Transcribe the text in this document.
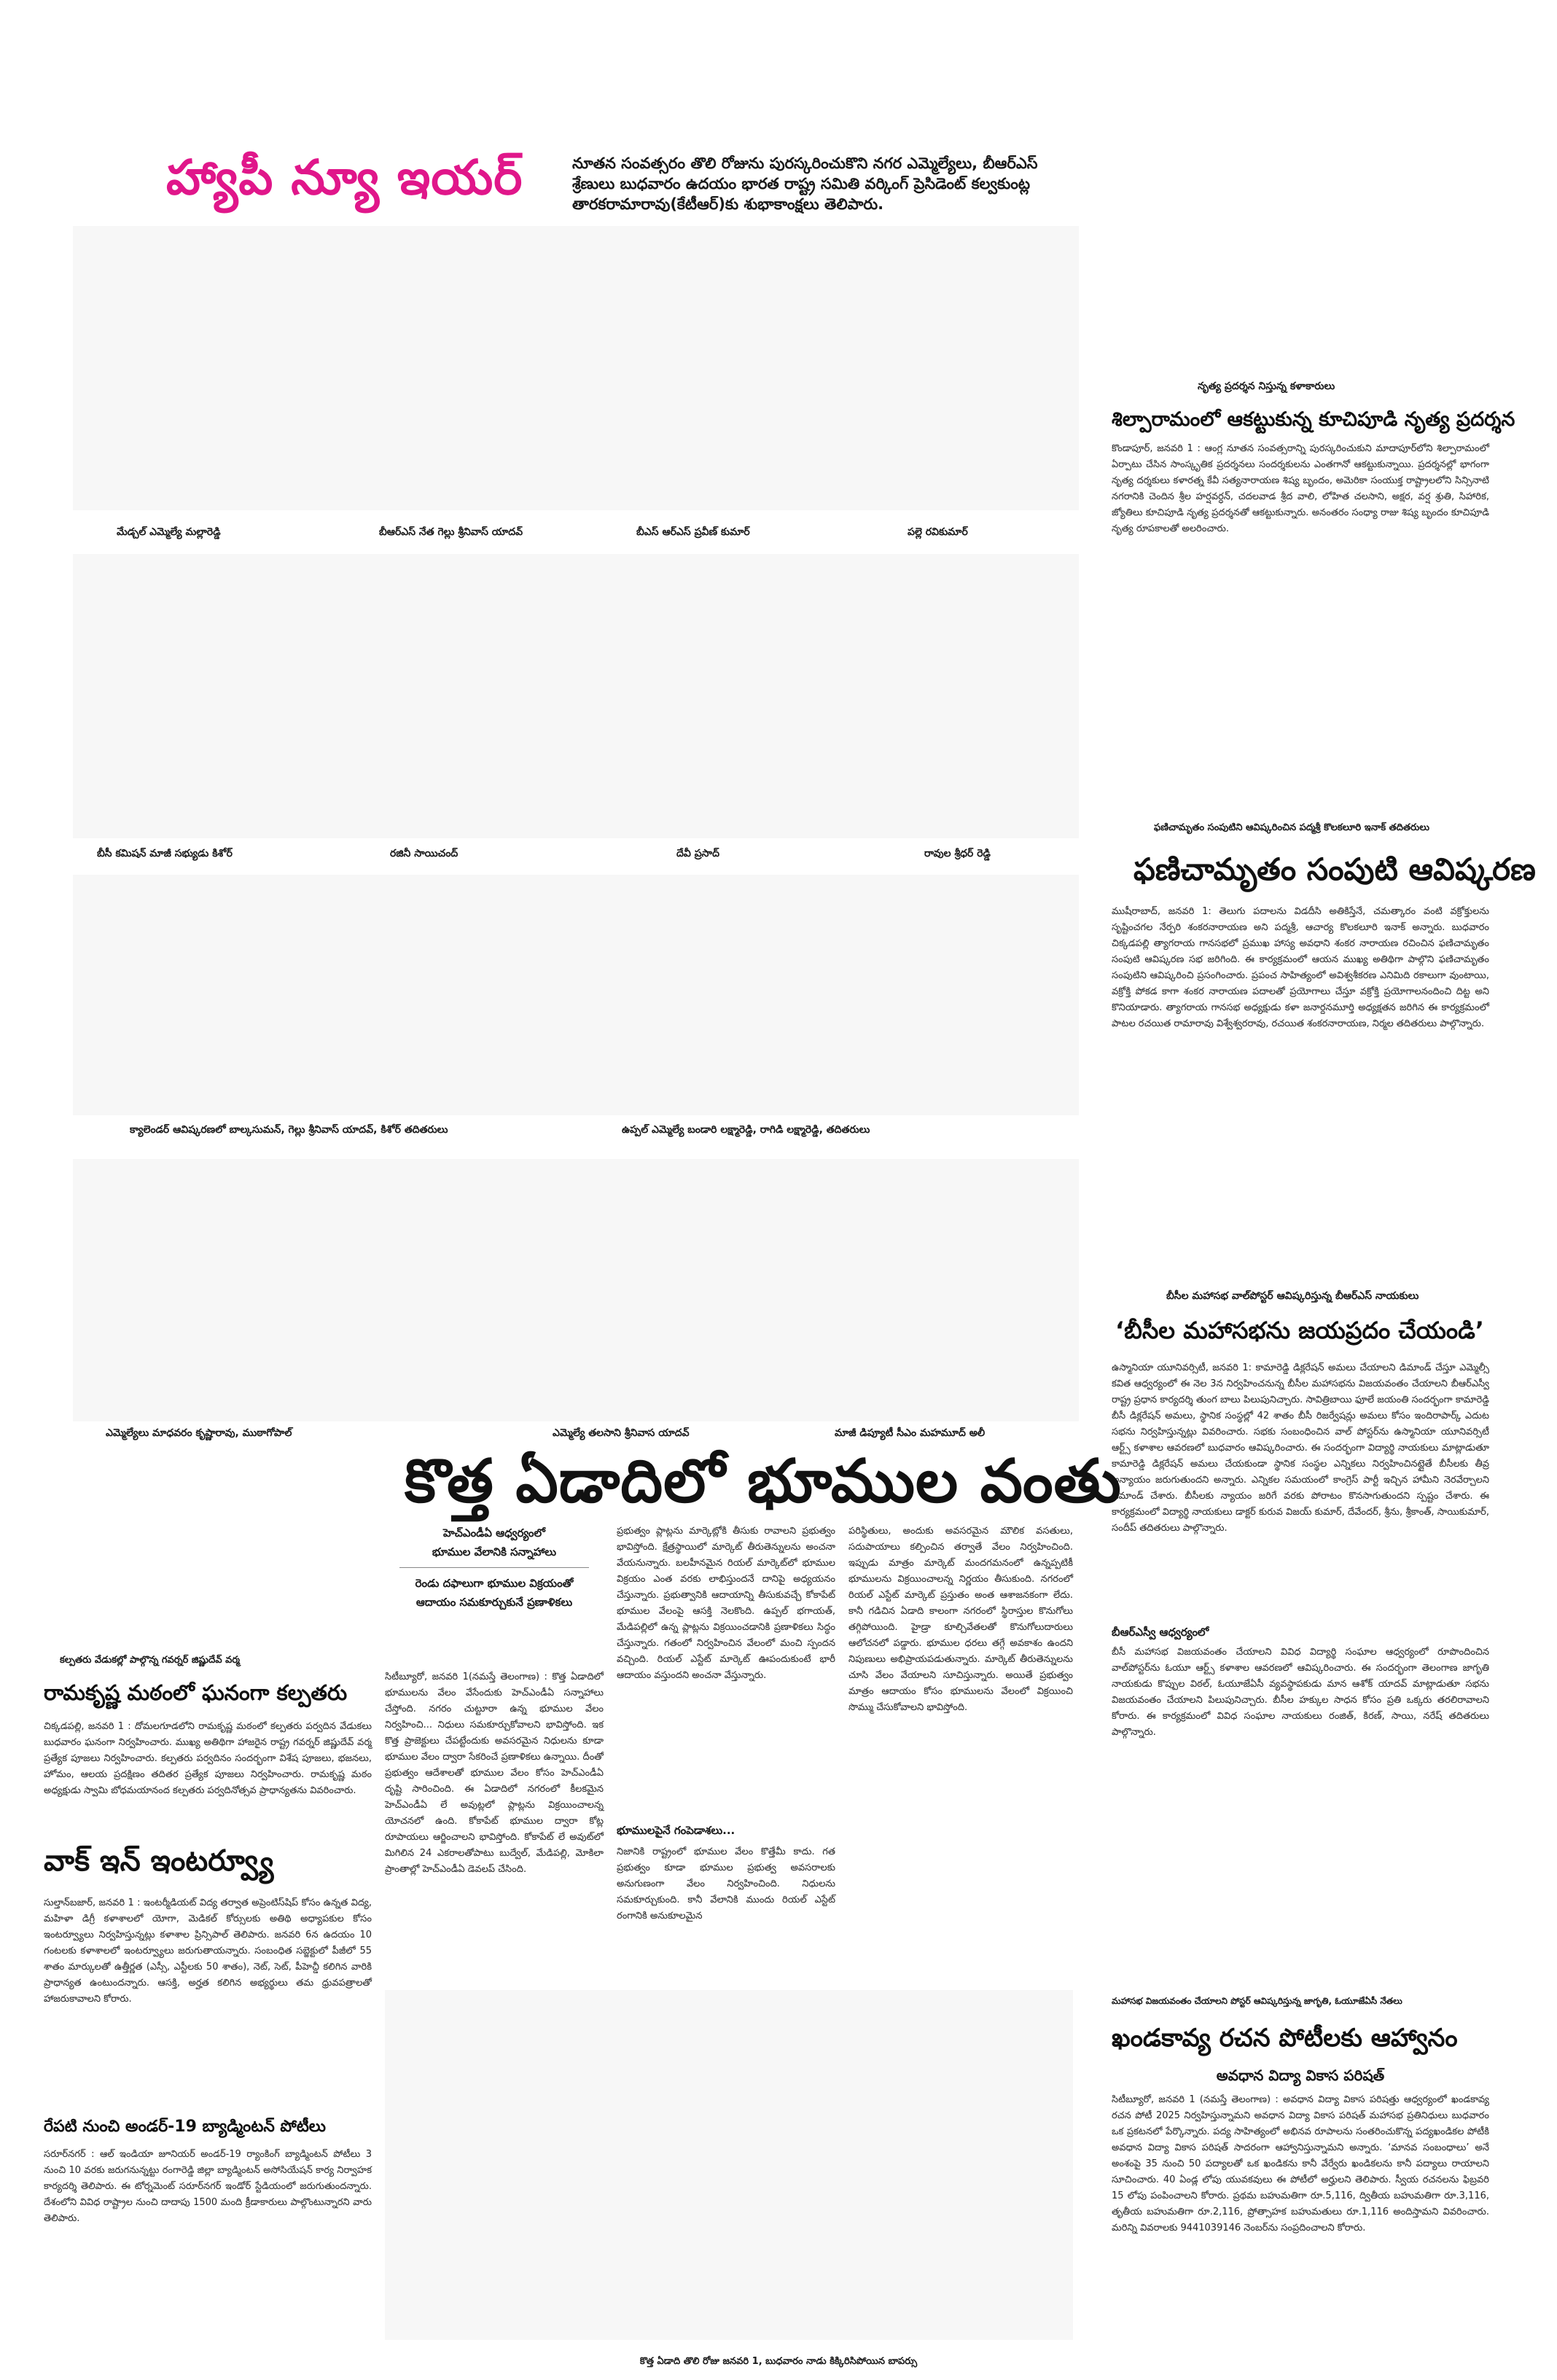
హ్యాపీ న్యూ ఇయర్	నూతన సంవత్సరం తొలి రోజును పురస్కరించుకొని నగర ఎమ్మెల్యేలు, బీఆర్ఎస్ శ్రేణులు బుధవారం ఉదయం భారత రాష్ట్ర సమితి వర్కింగ్ ప్రెసిడెంట్ కల్వకుంట్ల తారకరామారావు(కేటీఆర్)కు శుభాకాంక్షలు తెలిపారు.
మేడ్చల్ ఎమ్మెల్యే మల్లారెడ్డి	బీఆర్ఎస్ నేత గెల్లు శ్రీనివాస్ యాదవ్	బీఎస్ ఆర్ఎస్ ప్రవీణ్ కుమార్	పల్లె రవికుమార్
బీసీ కమిషన్ మాజీ సభ్యుడు కిశోర్	రజినీ సాయిచంద్	దేవీ ప్రసాద్	రావుల శ్రీధర్ రెడ్డి
క్యాలెండర్ ఆవిష్కరణలో బాల్కసుమన్, గెల్లు శ్రీనివాస్ యాదవ్, కిశోర్ తదితరులు	ఉప్పల్ ఎమ్మెల్యే బండారి లక్ష్మారెడ్డి, రాగిడి లక్ష్మారెడ్డి, తదితరులు
ఎమ్మెల్యేలు మాధవరం కృష్ణారావు, ముఠాగోపాల్	ఎమ్మెల్యే తలసాని శ్రీనివాస యాదవ్	మాజీ డిప్యూటీ సీఎం మహమూద్ అలీ
నృత్య ప్రదర్శన నిస్తున్న కళాకారులు
శిల్పారామంలో ఆకట్టుకున్న కూచిపూడి నృత్య ప్రదర్శన
కొండాపూర్, జనవరి 1 : ఆంగ్ల నూతన సంవత్సరాన్ని పురస్కరించుకుని మాదాపూర్‌లోని శిల్పారామంలో ఏర్పాటు చేసిన సాంస్కృతిక ప్రదర్శనలు సందర్శకులను ఎంతగానో ఆకట్టుకున్నాయి. ప్రదర్శనల్లో భాగంగా నృత్య దర్శకులు కళారత్న కేవీ సత్యనారాయణ శిష్య బృందం, అమెరికా సంయుక్త రాష్ట్రాలలోని సిన్సినాటి నగరానికి చెందిన శ్రీల హర్షవర్ధన్, చదలవాడ శ్రీద వాలి, లోహిత చలసాని, అక్షర, వర్ష శ్రుతి, సిహారిక, జ్యోతిలు కూచిపూడి నృత్య ప్రదర్శనతో ఆకట్టుకున్నారు. అనంతరం సంధ్యా రాజు శిష్య బృందం కూచిపూడి నృత్య రూపకాలతో అలరించారు.
ఫణిచామృతం సంపుటిని ఆవిష్కరించిన పద్మశ్రీ కొలకలూరి ఇనాక్ తదితరులు
ఫణిచామృతం సంపుటి ఆవిష్కరణ
ముషీరాబాద్, జనవరి 1: తెలుగు పదాలను విడదీసి అతికిస్తేనే, చమత్కారం వంటి వక్రోక్తులను సృష్టించగల నేర్పరి శంకరనారాయణ అని పద్మశ్రీ, ఆచార్య కొలకలూరి ఇనాక్ అన్నారు. బుధవారం చిక్కడపల్లి త్యాగరాయ గానసభలో ప్రముఖ హాస్య అవధాని శంకర నారాయణ రచించిన ఫణిచామృతం సంపుటి ఆవిష్కరణ సభ జరిగింది. ఈ కార్యక్రమంలో ఆయన ముఖ్య అతిథిగా పాల్గొని ఫణిచామృతం సంపుటిని ఆవిష్కరించి ప్రసంగించారు. ప్రపంచ సాహిత్యంలో అవిశ్వశీకరణ ఎనిమిది రకాలుగా వుంటాయి, వక్రోక్తి పోకడ కాగా శంకర నారాయణ పదాలతో ప్రయోగాలు చేస్తూ వక్రోక్తి ప్రయోగాలనందించి దిట్ట అని కొనియాడారు. త్యాగరాయ గానసభ అధ్యక్షుడు కళా జనార్దనమూర్తి అధ్యక్షతన జరిగిన ఈ కార్యక్రమంలో పాటల రచయిత రామారావు విశ్వేశ్వరరావు, రచయిత శంకరనారాయణ, నిర్మల తదితరులు పాల్గొన్నారు.
బీసీల మహాసభ వాల్‌పోస్టర్ ఆవిష్కరిస్తున్న బీఆర్ఎస్ నాయకులు
‘బీసీల మహాసభను జయప్రదం చేయండి’
ఉస్మానియా యూనివర్సిటీ, జనవరి 1: కామారెడ్డి డిక్లరేషన్ అమలు చేయాలని డిమాండ్ చేస్తూ ఎమ్మెల్సీ కవిత ఆధ్వర్యంలో ఈ నెల 3న నిర్వహించనున్న బీసీల మహాసభను విజయవంతం చేయాలని బీఆర్ఎస్వీ రాష్ట్ర ప్రధాన కార్యదర్శి తుంగ బాలు పిలుపునిచ్చారు. సావిత్రిబాయి ఫూలే జయంతి సందర్భంగా కామారెడ్డి బీసీ డిక్లరేషన్ అమలు, స్థానిక సంస్థల్లో 42 శాతం బీసీ రిజర్వేషన్లు అమలు కోసం ఇందిరాపార్క్ ఎదుట సభను నిర్వహిస్తున్నట్లు వివరించారు. సభకు సంబంధించిన వాల్ పోస్టర్‌ను ఉస్మానియా యూనివర్సిటీ ఆర్ట్స్ కళాశాల ఆవరణలో బుధవారం ఆవిష్కరించారు. ఈ సందర్భంగా విద్యార్థి నాయకులు మాట్లాడుతూ కామారెడ్డి డిక్లరేషన్ అమలు చేయకుండా స్థానిక సంస్థల ఎన్నికలు నిర్వహించినట్లైతే బీసీలకు తీవ్ర అన్యాయం జరుగుతుందని అన్నారు. ఎన్నికల సమయంలో కాంగ్రెస్ పార్టీ ఇచ్చిన హామీని నెరవేర్చాలని డిమాండ్ చేశారు. బీసీలకు న్యాయం జరిగే వరకు పోరాటం కొనసాగుతుందని స్పష్టం చేశారు. ఈ కార్యక్రమంలో విద్యార్థి నాయకులు డాక్టర్ కురువ విజయ్ కుమార్, దేవేందర్, శ్రీను, శ్రీకాంత్, సాయికుమార్, సందీప్ తదితరులు పాల్గొన్నారు.
బీఆర్ఎస్వీ ఆధ్వర్యంలో
బీసీ మహాసభ విజయవంతం చేయాలని వివిధ విద్యార్థి సంఘాల ఆధ్వర్యంలో రూపొందించిన వాల్‌పోస్టర్‌ను ఓయూ ఆర్ట్స్ కళాశాల ఆవరణలో ఆవిష్కరించారు. ఈ సందర్భంగా తెలంగాణ జాగృతి నాయకుడు కొప్పుల విఠల్, ఓయూజేఏసీ వ్యవస్థాపకుడు మాన ఆశోక్ యాదవ్ మాట్లాడుతూ సభను విజయవంతం చేయాలని పిలుపునిచ్చారు. బీసీల హక్కుల సాధన కోసం ప్రతి ఒక్కరు తరలిరావాలని కోరారు. ఈ కార్యక్రమంలో వివిధ సంఘాల నాయకులు రంజిత్, కిరణ్, సాయి, నరేష్ తదితరులు పాల్గొన్నారు.
కొత్త ఏడాదిలో భూముల వంతు
హెచ్ఎండీఏ ఆధ్వర్యంలో
భూముల వేలానికి సన్నాహాలు
రెండు దఫాలుగా భూముల విక్రయంతో
ఆదాయం సమకూర్చుకునే ప్రణాళికలు
సిటీబ్యూరో, జనవరి 1(నమస్తే తెలంగాణ) : కొత్త ఏడాదిలో భూములను వేలం వేసేందుకు హెచ్ఎండీఏ సన్నాహాలు చేస్తోంది. నగరం చుట్టూరా ఉన్న భూముల వేలం నిర్వహించి... నిధులు సమకూర్చుకోవాలని భావిస్తోంది. ఇక కొత్త ప్రాజెక్టులు చేపట్టేందుకు అవసరమైన నిధులను కూడా భూముల వేలం ద్వారా సేకరించే ప్రణాళికలు ఉన్నాయి. దీంతో ప్రభుత్వం ఆదేశాలతో భూముల వేలం కోసం హెచ్ఎండీఏ దృష్టి సారించింది. ఈ ఏడాదిలో నగరంలో కీలకమైన హెచ్ఎండీఏ లే అవుట్లలో ప్లాట్లను విక్రయించాలన్న యోచనలో ఉంది. కోకాపేట్ భూముల ద్వారా కోట్ల రూపాయలు ఆర్జించాలని భావిస్తోంది. కోకాపేట్ లే అవుట్‌లో మిగిలిన 24 ఎకరాలతోపాటు బుద్వేల్, మేడిపల్లి, మోకిలా ప్రాంతాల్లో హెచ్ఎండీఏ డెవలప్ చేసింది.
ప్రభుత్వం ప్లాట్లను మార్కెట్లోకి తీసుకు రావాలని ప్రభుత్వం భావిస్తోంది. క్షేత్రస్థాయిలో మార్కెట్ తీరుతెన్నులను అంచనా వేయనున్నారు. బలహీనమైన రియల్ మార్కెట్‌లో భూముల విక్రయం ఎంత వరకు లాభిస్తుందనే దానిపై అధ్యయనం చేస్తున్నారు. ప్రభుత్వానికి ఆదాయాన్ని తీసుకువచ్చే కోకాపేట్ భూముల వేలంపై ఆసక్తి నెలకొంది. ఉప్పల్ భగాయత్, మేడిపల్లిలో ఉన్న ప్లాట్లను విక్రయించడానికి ప్రణాళికలు సిద్ధం చేస్తున్నారు. గతంలో నిర్వహించిన వేలంలో మంచి స్పందన వచ్చింది. రియల్ ఎస్టేట్ మార్కెట్ ఊపందుకుంటే భారీ ఆదాయం వస్తుందని అంచనా వేస్తున్నారు.
భూములపైనే గంపెడాశలు...
నిజానికి రాష్ట్రంలో భూముల వేలం కొత్తేమీ కాదు. గత ప్రభుత్వం కూడా భూముల ప్రభుత్వ అవసరాలకు అనుగుణంగా వేలం నిర్వహించింది. నిధులను సమకూర్చుకుంది. కానీ వేలానికి ముందు రియల్ ఎస్టేట్ రంగానికి అనుకూలమైన
పరిస్థితులు, అందుకు అవసరమైన మౌలిక వసతులు, సదుపాయాలు కల్పించిన తర్వాతే వేలం నిర్వహించింది. ఇప్పుడు మాత్రం మార్కెట్ మందగమనంలో ఉన్నప్పటికీ భూములను విక్రయించాలన్న నిర్ణయం తీసుకుంది. నగరంలో రియల్ ఎస్టేట్ మార్కెట్ ప్రస్తుతం అంత ఆశాజనకంగా లేదు. కానీ గడిచిన ఏడాది కాలంగా నగరంలో స్థిరాస్తుల కొనుగోలు తగ్గిపోయింది. హైడ్రా కూల్చివేతలతో కొనుగోలుదారులు ఆలోచనలో పడ్డారు. భూముల ధరలు తగ్గే అవకాశం ఉందని నిపుణులు అభిప్రాయపడుతున్నారు. మార్కెట్ తీరుతెన్నులను చూసి వేలం వేయాలని సూచిస్తున్నారు. అయితే ప్రభుత్వం మాత్రం ఆదాయం కోసం భూములను వేలంలో విక్రయించి సొమ్ము చేసుకోవాలని భావిస్తోంది.
కల్పతరు వేడుకల్లో పాల్గొన్న గవర్నర్ జిష్ణుదేవ్ వర్మ
రామకృష్ణ మఠంలో ఘనంగా కల్పతరు
చిక్కడపల్లి, జనవరి 1 : దోమలగూడలోని రామకృష్ణ మఠంలో కల్పతరు పర్వదిన వేడుకలు బుధవారం ఘనంగా నిర్వహించారు. ముఖ్య అతిథిగా హాజరైన రాష్ట్ర గవర్నర్ జిష్ణుదేవ్ వర్మ ప్రత్యేక పూజలు నిర్వహించారు. కల్పతరు పర్వదినం సందర్భంగా విశేష పూజలు, భజనలు, హోమం, ఆలయ ప్రదక్షిణం తదితర ప్రత్యేక పూజలు నిర్వహించారు. రామకృష్ణ మఠం అధ్యక్షుడు స్వామి బోధమయానంద కల్పతరు పర్వదినోత్సవ ప్రాధాన్యతను వివరించారు.
వాక్ ఇన్ ఇంటర్వ్యూ
సుల్తాన్‌బజార్, జనవరి 1 : ఇంటర్మీడియట్ విద్య తర్వాత అప్రెంటిస్‌షిప్ కోసం ఉన్నత విద్య, మహిళా డిగ్రీ కళాశాలలో యోగా, మెడికల్ కోర్సులకు అతిథి అధ్యాపకుల కోసం ఇంటర్వ్యూలు నిర్వహిస్తున్నట్లు కళాశాల ప్రిన్సిపాల్ తెలిపారు. జనవరి 6న ఉదయం 10 గంటలకు కళాశాలలో ఇంటర్వ్యూలు జరుగుతాయన్నారు. సంబంధిత సబ్జెక్టులో పీజీలో 55 శాతం మార్కులతో ఉత్తీర్ణత (ఎస్సీ, ఎస్టీలకు 50 శాతం), నెట్, సెట్, పీహెచ్డీ కలిగిన వారికి ప్రాధాన్యత ఉంటుందన్నారు. ఆసక్తి, అర్హత కలిగిన అభ్యర్థులు తమ ధ్రువపత్రాలతో హాజరుకావాలని కోరారు.
రేపటి నుంచి అండర్-19 బ్యాడ్మింటన్ పోటీలు
సరూర్‌నగర్ : ఆల్ ఇండియా జూనియర్ అండర్-19 ర్యాంకింగ్ బ్యాడ్మింటన్ పోటీలు 3 నుంచి 10 వరకు జరుగనున్నట్టు రంగారెడ్డి జిల్లా బ్యాడ్మింటన్ అసోసియేషన్ కార్య నిర్వాహక కార్యదర్శి తెలిపారు. ఈ టోర్నమెంట్ సరూర్‌నగర్ ఇండోర్ స్టేడియంలో జరుగుతుందన్నారు. దేశంలోని వివిధ రాష్ట్రాల నుంచి దాదాపు 1500 మంది క్రీడాకారులు పాల్గొంటున్నారని వారు తెలిపారు.
మహాసభ విజయవంతం చేయాలని పోస్టర్ ఆవిష్కరిస్తున్న జాగృతి, ఓయూజేఏసీ నేతలు
ఖండకావ్య రచన పోటీలకు ఆహ్వానం
అవధాన విద్యా వికాస పరిషత్
సిటీబ్యూరో, జనవరి 1 (నమస్తే తెలంగాణ) : అవధాన విద్యా వికాస పరిషత్తు ఆధ్వర్యంలో ఖండకావ్య రచన పోటీ 2025 నిర్వహిస్తున్నామని అవధాన విద్యా వికాస పరిషత్ మహాసభ ప్రతినిధులు బుధవారం ఒక ప్రకటనలో పేర్కొన్నారు. పద్య సాహిత్యంలో అభినవ రూపాలను సంతరించుకొన్న పద్యఖండికల పోటీకి అవధాన విద్యా వికాస పరిషత్ సాదరంగా ఆహ్వానిస్తున్నామని అన్నారు. ‘మానవ సంబంధాలు’ అనే అంశంపై 35 నుంచి 50 పద్యాలతో ఒక ఖండికను కానీ వేర్వేరు ఖండికలను కానీ పద్యాలు రాయాలని సూచించారు. 40 ఏండ్ల లోపు యువకవులు ఈ పోటీలో అర్హులని తెలిపారు. స్వీయ రచనలను ఫిబ్రవరి 15 లోపు పంపించాలని కోరారు. ప్రథమ బహుమతిగా రూ.5,116, ద్వితీయ బహుమతిగా రూ.3,116, తృతీయ బహుమతిగా రూ.2,116, ప్రోత్సాహక బహుమతులు రూ.1,116 అందిస్తామని వివరించారు. మరిన్ని వివరాలకు 9441039146 నెంబర్‌ను సంప్రదించాలని కోరారు.
కొత్త ఏడాది తొలి రోజు జనవరి 1, బుధవారం నాడు కిక్కిరిసిపోయిన బాపర్సు
